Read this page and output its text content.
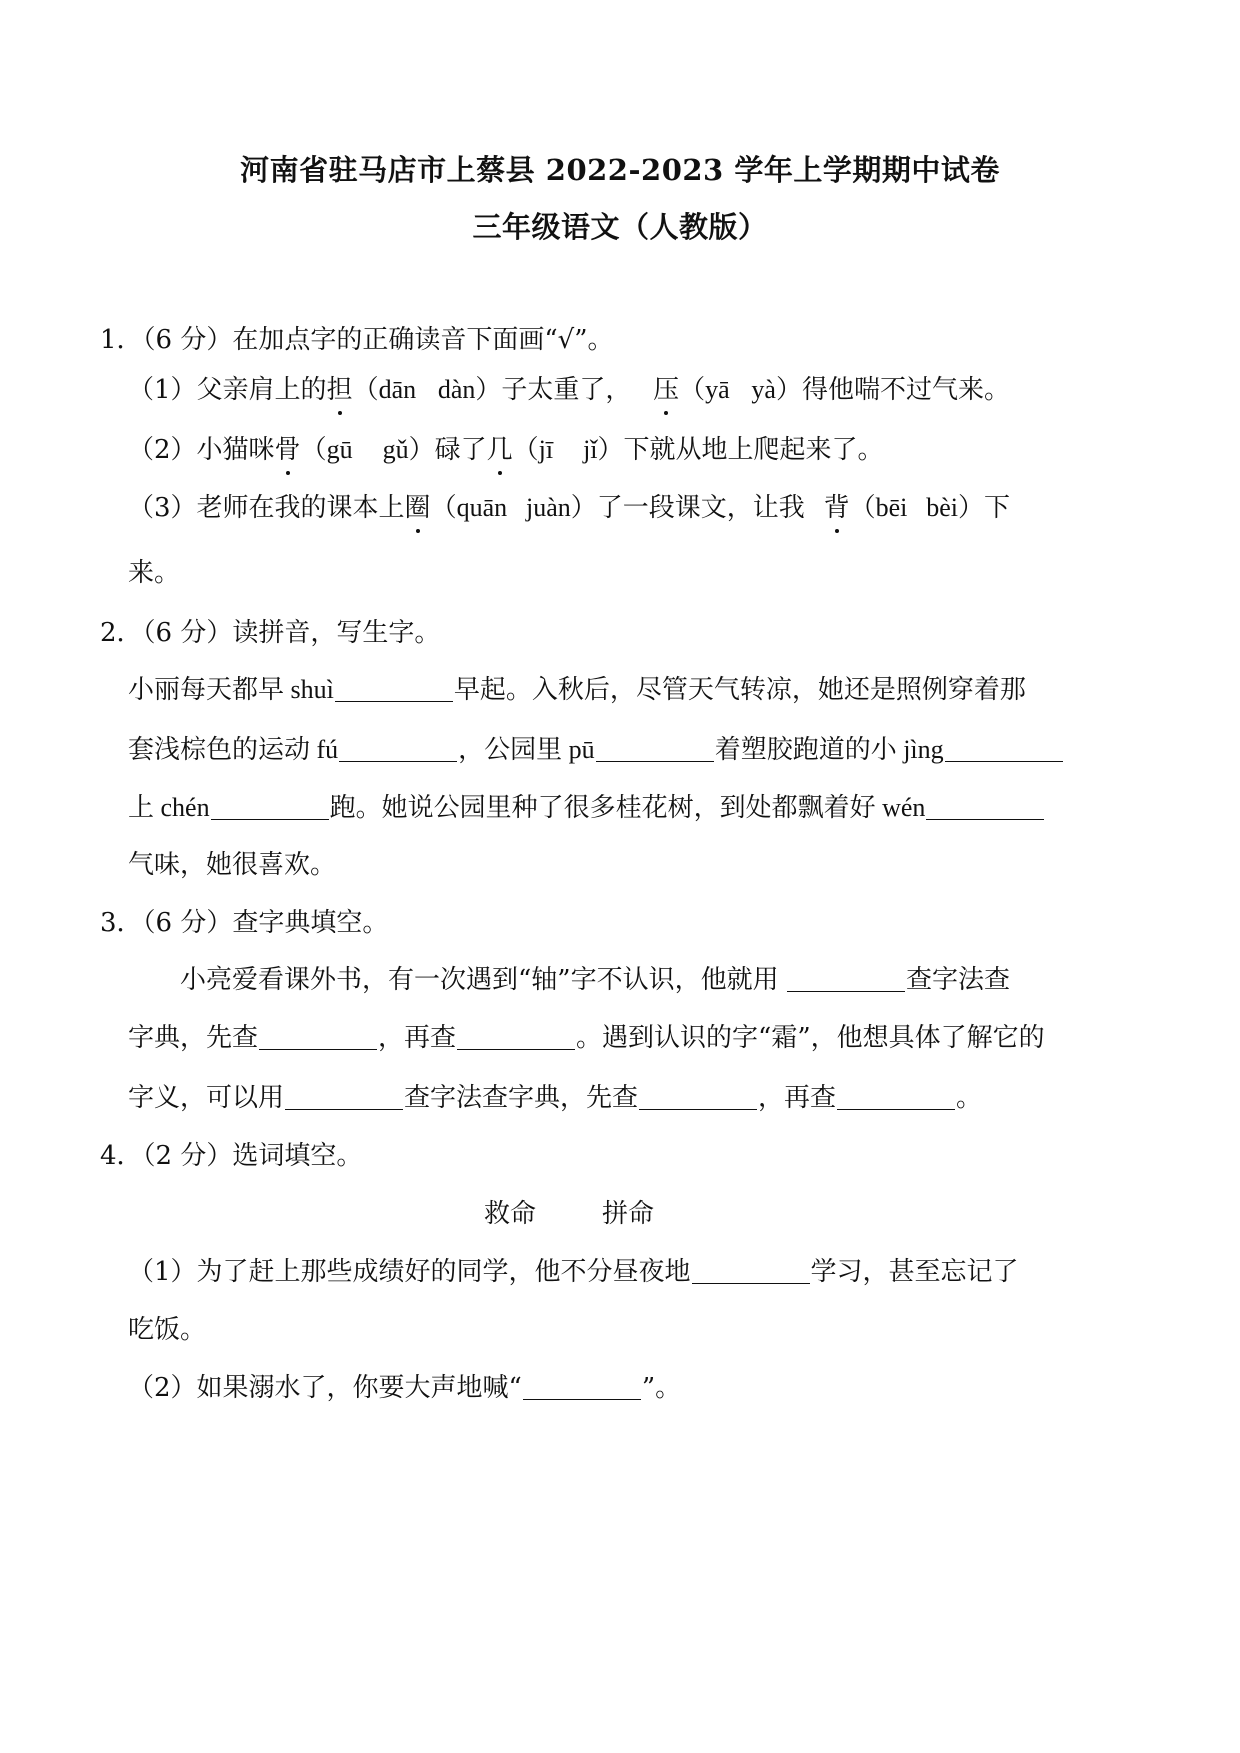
河南省驻马店市上蔡县 2022-2023 学年上学期期中试卷
三年级语文（人教版）
1．（6 分）在加点字的正确读音下面画“√”。
（1）父亲肩上的担（dān dàn）子太重了， 压（yā yà）得他喘不过气来。
（2）小猫咪骨（gū gǔ）碌了几（jī jǐ）下就从地上爬起来了。
（3）老师在我的课本上圈（quān juàn）了一段课文，让我 背（bēi bèi）下
来。
2．（6 分）读拼音，写生字。
小丽每天都早 shuì	早起。入秋后，尽管天气转凉，她还是照例穿着那
套浅棕色的运动 fú	，公园里 pū	着塑胶跑道的小 jìng
上 chén	跑。她说公园里种了很多桂花树，到处都飘着好 wén
气味，她很喜欢。
3．（6 分）查字典填空。
小亮爱看课外书，有一次遇到“轴”字不认识，他就用	查字法查
字典，先查	，再查	。遇到认识的字“霜”，他想具体了解它的
字义，可以用	查字法查字典，先查	，再查	。
4．（2 分）选词填空。
救命	拼命
（1）为了赶上那些成绩好的同学，他不分昼夜地	学习，甚至忘记了
吃饭。
（2）如果溺水了，你要大声地喊“	”。
